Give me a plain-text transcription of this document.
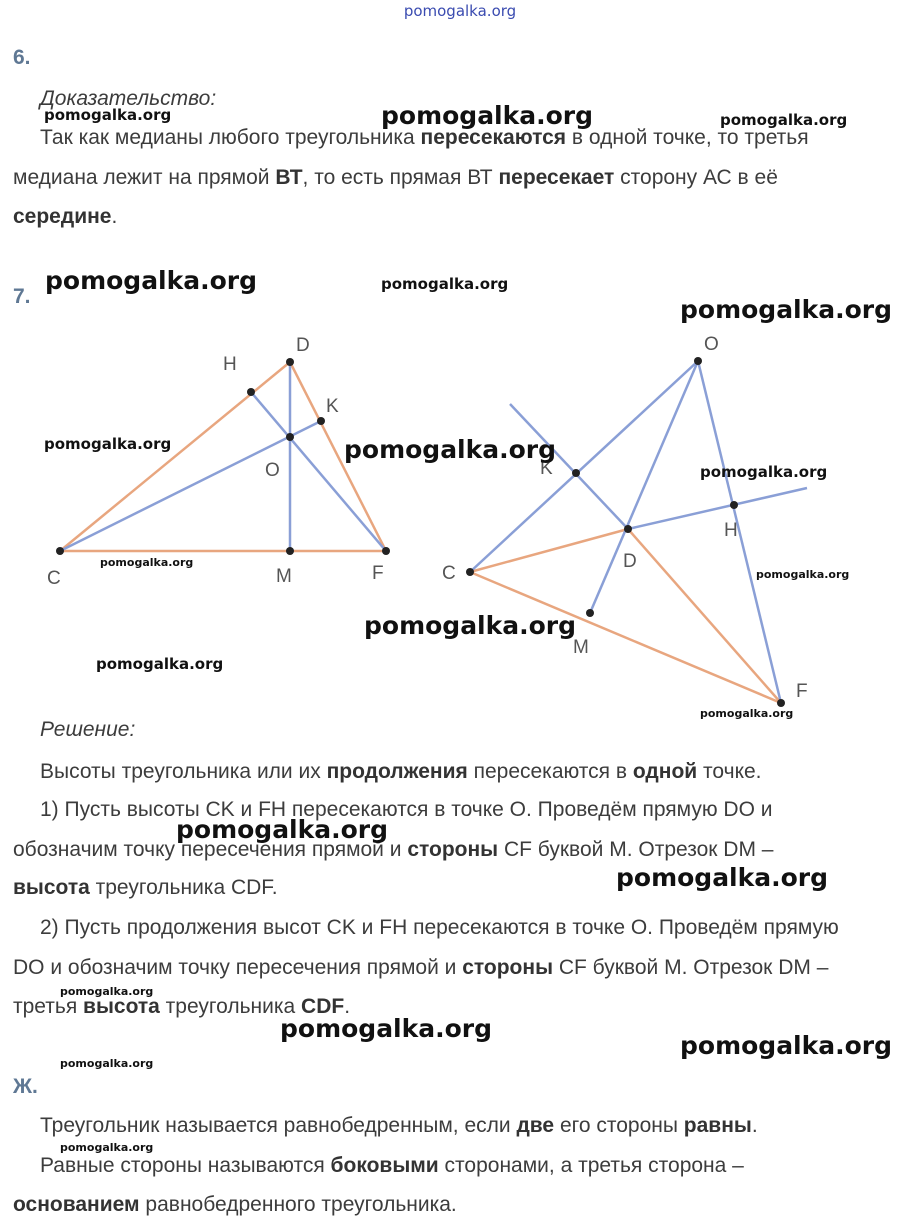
pomogalka.org
6.
Доказательство:
Так как медианы любого треугольника пересекаются в одной точке, то третья
медиана лежит на прямой ВТ, то есть прямая ВТ пересекает сторону АС в её
середине.
7.
H
D
K
O
C	M	F
O
K
H
D
C
M
F
Решение:
Высоты треугольника или их продолжения пересекаются в одной точке.
1) Пусть высоты CK и FH пересекаются в точке О. Проведём прямую DO и
обозначим точку пересечения прямой и стороны CF буквой M. Отрезок DM –
высота треугольника CDF.
2) Пусть продолжения высот CK и FH пересекаются в точке О. Проведём прямую
DO и обозначим точку пересечения прямой и стороны CF буквой M. Отрезок DM –
третья высота треугольника CDF.
Ж.
Треугольник называется равнобедренным, если две его стороны равны.
Равные стороны называются боковыми сторонами, а третья сторона –
основанием равнобедренного треугольника.
pomogalka.org	pomogalka.org	pomogalka.org
pomogalka.org	pomogalka.org
pomogalka.org
pomogalka.org	pomogalka.org
pomogalka.org
pomogalka.org
pomogalka.org
pomogalka.org
pomogalka.org
pomogalka.org
pomogalka.org
pomogalka.org
pomogalka.org
pomogalka.org
pomogalka.org
pomogalka.org
pomogalka.org
